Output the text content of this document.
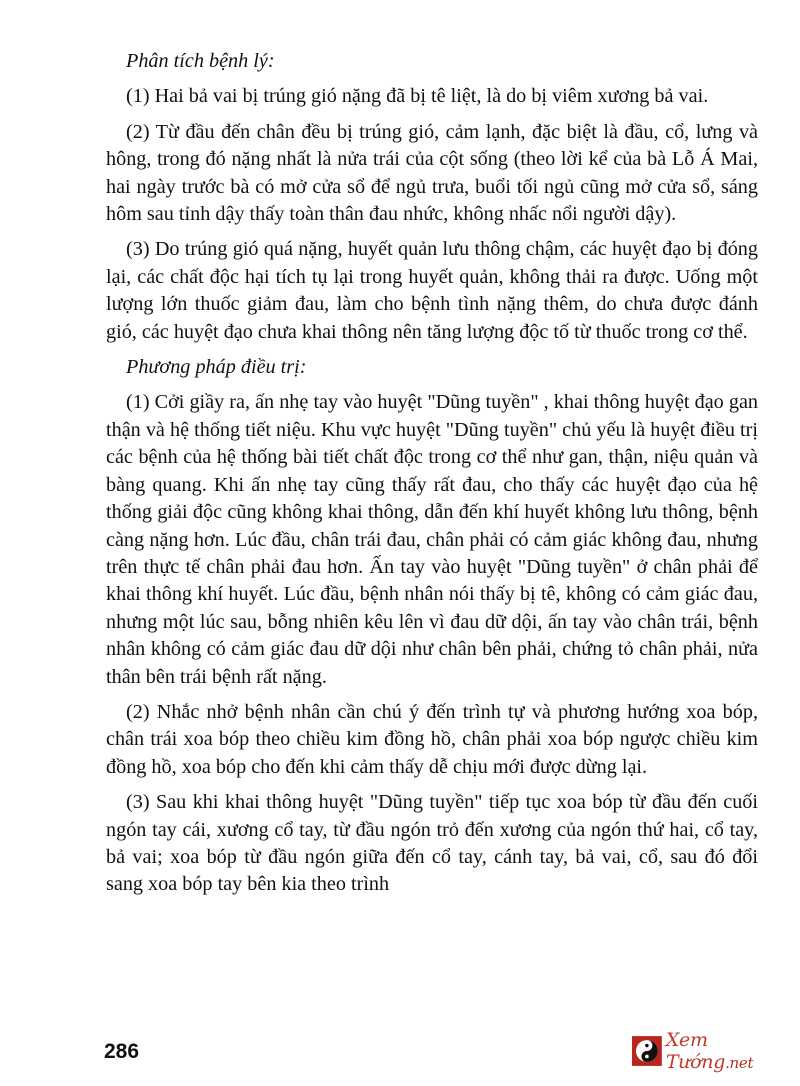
Phân tích bệnh lý:

(1) Hai bả vai bị trúng gió nặng đã bị tê liệt, là do bị viêm xương bả vai.

(2) Từ đầu đến chân đều bị trúng gió, cảm lạnh, đặc biệt là đầu, cổ, lưng và hông, trong đó nặng nhất là nửa trái của cột sống (theo lời kể của bà Lỗ Á Mai, hai ngày trước bà có mở cửa sổ để ngủ trưa, buổi tối ngủ cũng mở cửa sổ, sáng hôm sau tỉnh dậy thấy toàn thân đau nhức, không nhấc nổi người dậy).

(3) Do trúng gió quá nặng, huyết quản lưu thông chậm, các huyệt đạo bị đóng lại, các chất độc hại tích tụ lại trong huyết quản, không thải ra được. Uống một lượng lớn thuốc giảm đau, làm cho bệnh tình nặng thêm, do chưa được đánh gió, các huyệt đạo chưa khai thông nên tăng lượng độc tố từ thuốc trong cơ thể.

Phương pháp điều trị:

(1) Cởi giầy ra, ấn nhẹ tay vào huyệt "Dũng tuyền" , khai thông huyệt đạo gan thận và hệ thống tiết niệu. Khu vực huyệt "Dũng tuyền" chủ yếu là huyệt điều trị các bệnh của hệ thống bài tiết chất độc trong cơ thể như gan, thận, niệu quản và bàng quang. Khi ấn nhẹ tay cũng thấy rất đau, cho thấy các huyệt đạo của hệ thống giải độc cũng không khai thông, dẫn đến khí huyết không lưu thông, bệnh càng nặng hơn. Lúc đầu, chân trái đau, chân phải có cảm giác không đau, nhưng trên thực tế chân phải đau hơn. Ấn tay vào huyệt "Dũng tuyền" ở chân phải để khai thông khí huyết. Lúc đầu, bệnh nhân nói thấy bị tê, không có cảm giác đau, nhưng một lúc sau, bỗng nhiên kêu lên vì đau dữ dội, ấn tay vào chân trái, bệnh nhân không có cảm giác đau dữ dội như chân bên phải, chứng tỏ chân phải, nửa thân bên trái bệnh rất nặng.

(2) Nhắc nhở bệnh nhân cần chú ý đến trình tự và phương hướng xoa bóp, chân trái xoa bóp theo chiều kim đồng hồ, chân phải xoa bóp ngược chiều kim đồng hồ, xoa bóp cho đến khi cảm thấy dễ chịu mới được dừng lại.

(3) Sau khi khai thông huyệt "Dũng tuyền" tiếp tục xoa bóp từ đầu đến cuối ngón tay cái, xương cổ tay, từ đầu ngón trỏ đến xương của ngón thứ hai, cổ tay, bả vai; xoa bóp từ đầu ngón giữa đến cổ tay, cánh tay, bả vai, cổ, sau đó đổi sang xoa bóp tay bên kia theo trình

286	Xem Tướng.net
